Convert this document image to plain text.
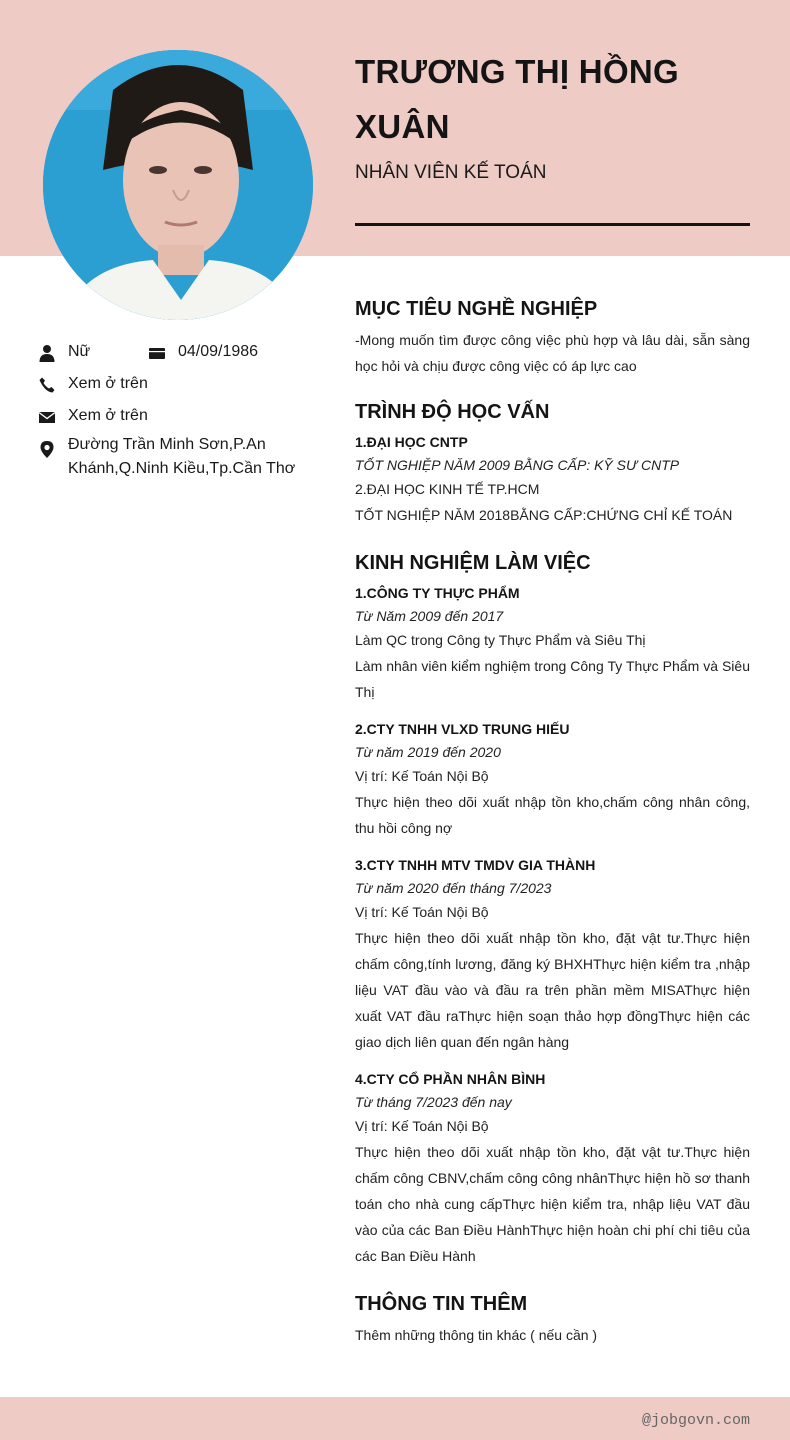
TRƯƠNG THỊ HỒNG XUÂN
NHÂN VIÊN KẾ TOÁN
Nữ	04/09/1986
Xem ở trên
Xem ở trên
Đường Trần Minh Sơn,P.An Khánh,Q.Ninh Kiều,Tp.Cần Thơ
MỤC TIÊU NGHỀ NGHIỆP
-Mong muốn tìm được công việc phù hợp và lâu dài, sẵn sàng học hỏi và chịu được công việc có áp lực cao
TRÌNH ĐỘ HỌC VẤN
1.ĐẠI HỌC CNTP
TỐT NGHIỆP NĂM 2009 BẰNG CẤP: KỸ SƯ CNTP
2.ĐẠI HỌC KINH TẾ TP.HCM
TỐT NGHIỆP NĂM 2018BẰNG CẤP:CHỨNG CHỈ KẾ TOÁN
KINH NGHIỆM LÀM VIỆC
1.CÔNG TY THỰC PHẨM
Từ Năm 2009 đến 2017
Làm QC trong Công ty Thực Phẩm và Siêu Thị
Làm nhân viên kiểm nghiệm trong Công Ty Thực Phẩm và Siêu Thị
2.CTY TNHH VLXD TRUNG HIẾU
Từ năm 2019 đến 2020
Vị trí: Kế Toán Nội Bộ
Thực hiện theo dõi xuất nhập tồn kho,chấm công nhân công, thu hồi công nợ
3.CTY TNHH MTV TMDV GIA THÀNH
Từ năm 2020 đến tháng 7/2023
Vị trí: Kế Toán Nội Bộ
Thực hiện theo dõi xuất nhập tồn kho, đặt vật tư.Thực hiện chấm công,tính lương, đăng ký BHXHThực hiện kiểm tra ,nhập liệu VAT đầu vào và đầu ra trên phần mềm MISAThực hiện xuất VAT đầu raThực hiện soạn thảo hợp đồngThực hiện các giao dịch liên quan đến ngân hàng
4.CTY CỔ PHẦN NHÂN BÌNH
Từ tháng 7/2023 đến nay
Vị trí: Kế Toán Nội Bộ
Thực hiện theo dõi xuất nhập tồn kho, đặt vật tư.Thực hiện chấm công CBNV,chấm công công nhânThực hiện hồ sơ thanh toán cho nhà cung cấpThực hiện kiểm tra, nhập liệu VAT đầu vào của các Ban Điều HànhThực hiện hoàn chi phí chi tiêu của các Ban Điều Hành
THÔNG TIN THÊM
Thêm những thông tin khác ( nếu cần )
@jobgovn.com
